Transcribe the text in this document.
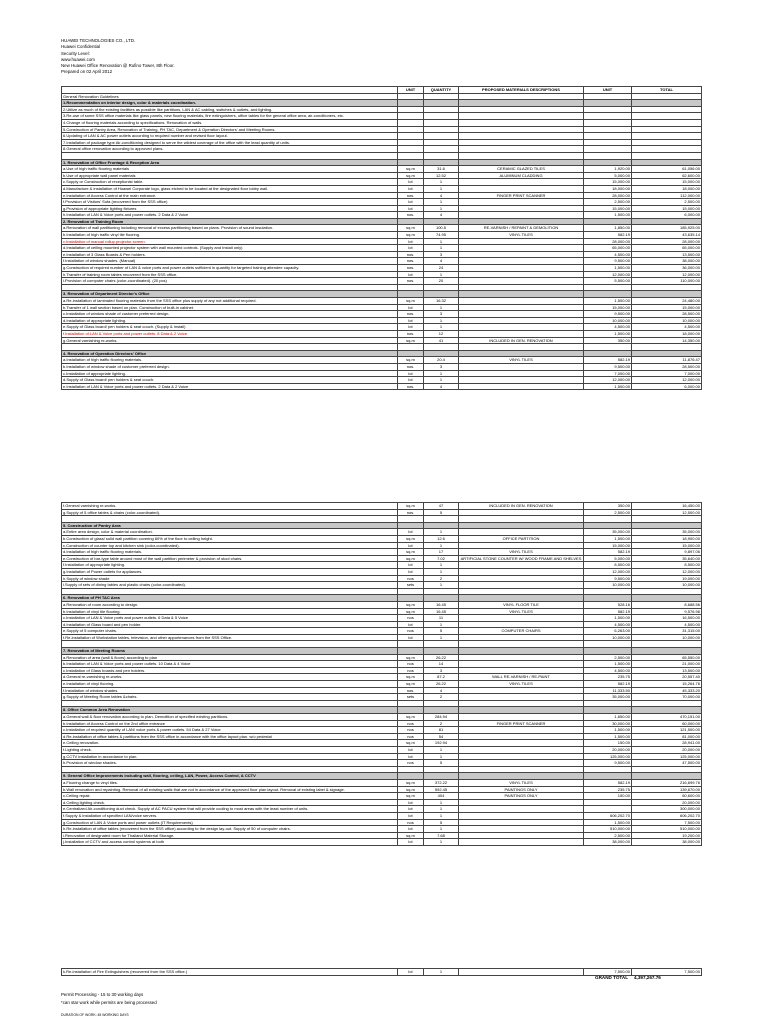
HUAWEI TECHNOLOGIES CO., LTD.
Huawei Confidential
Security Level:
www.huawei.com
New Huawei Office Renovation @ Rufino Tower, 8th Floor.
Prepared on 02 April 2012
	UNIT	QUANTITY	PROPOSED MATERIALS DESCRIPTIONS	UNIT	TOTAL
General Renovation Guidelines					
1.Recommendation on interior design, color & materials coordination.					
2.Utilize as much of the existing facilities as possible like partitions, LAN & AC cabling, switches & outlets, and lighting.					
3.Re-use of some SSS office materials like glass panels, new flooring materials, fire extinguishers, office tables for the general office area, air-conditioners, etc.					
4.Change of flooring materials according to specifications. Renovation of walls.					
5.Construction of Pantry Area, Renovation of Training, PH TAC, Department & Operation Directors' and Meeting Rooms.					
6.Updating of LAN & AC power outlets according to required number and revised floor layout.					
7.Installation of package type Air-conditioning designed to serve the wildest coverage of the office with the least quantity of units.					
8.General office renovation according to approved plans.					

1. Renovation of Office Frontage & Reception Area					
a.Use of high traffic flooring materials	sq.m	31.6	CERAMIC GLAZED TILES	1,920.00	61,056.00
b.Use of appropriate wall panel materials	sq.m	12.52	ALUMINUM CLADDING	5,000.00	62,600.00
c.Supply or Construction of receptionist table.	lot	1		15,000.00	15,000.00
d.Manufacture & installation of Huawei Corporate logo, glass etched to be located at the designated floor lobby wall.	lot	1		18,000.00	18,000.00
e.Installation of Access Control at the main entrance.	nos.	4	FINGER PRINT SCANNER	28,000.00	112,000.00
f.Provision of Visitors' Sofa (recovered from the SSS office)	lot	1		2,500.00	2,500.00
g.Provision of appropriate lighting fixtures	lot	1		15,000.00	15,000.00
h.Installation of LAN & Voice ports and power outlets. 2 Data & 2 Voice	nos.	4		1,500.00	6,000.00
2. Renovation of Training Room					
a.Renovation of wall partitioning including removal of excess partitioning based on plans. Provision of sound insulation.	sq.m	100.5	RE-VARNISH / REPAINT & DEMOLITION	1,850.00	185,925.00
b.Installation of high traffic vinyl tile flooring.	sq.m	74.95	VINYL TILES	582.19	43,635.14
c.Installation of manual rollup projector screen.	lot	1		28,000.00	28,000.00
d.Installation of ceiling mounted projector system with wall mounted controls. (Supply and Install only)	lot	1		65,000.00	65,000.00
e.Installation of 3 Glass Boards & Pen holders.	nos.	3		4,500.00	13,500.00
f.Installation of window shades. (Manual)	nos.	4		9,500.00	38,000.00
g.Construction of required number of LAN & voice ports and power outlets sufficient in quantity for targeted training attendee capacity.	nos.	24		1,500.00	36,000.00
h.Transfer of training room tables recovered from the SSS office.	lot	1		12,000.00	12,000.00
i.Provision of computer chairs (color-coordinated). (20 pcs)	nos.	20		5,500.00	110,000.00

3. Renovation of Department Director's Office					
a.Re-installation of laminated flooring materials from the SSS office plus supply of any not additional required.	sq.m	16.32		1,500.00	24,480.00
b.Transfer of 1 wall section based on plan. Construction of built-in cabinet.	lot	1		15,000.00	15,000.00
c.Installation of window shade of customer preferred design.	nos.	3		9,500.00	28,500.00
d.Installation of appropriate lighting.	lot	1		10,000.00	10,000.00
e.Supply of Glass board/ pen holders & seat couch. (Supply & Install)	lot	1		4,500.00	4,500.00
f.Installation of LAN & Voice ports and power outlets. 8 Data & 2 Voice	nos.	12		1,500.00	18,000.00
g.General varnishing re-works.	sq.m	41	INCLUDED IN GEN. RENOVATION	350.00	14,350.00

4. Renovation of Operation Directors' Office					
a.Installation of high traffic flooring materials.	sq.m	20.4	VINYL TILES	582.19	11,876.47
b.Installation of window shade of customer preferred design.	nos.	3		9,500.00	28,500.00
c.Installation of appropriate lighting.	lot	1		7,000.00	7,000.00
d.Supply of Glass board/ pen holders & seat couch.	lot	1		12,000.00	12,000.00
e.Installation of LAN & Voice ports and power outlets. 2 Data & 2 Voice	nos.	4		1,500.00	6,000.00
f.General varnishing re-works.	sq.m	47	INCLUDED IN GEN. RENOVATION	350.00	16,450.00
g.Supply of 5 office tables & chairs (color-coordinated).	nos.	5		2,500.00	12,500.00

5. Construction of Pantry Area					
a.Entire area design, color & material coordination.	lot	1		35,000.00	35,000.00
b.Construction of glass/ solid wall partition covering 60% of the floor to ceiling height.	sq.m	12.6	OFFICE PARTITION	1,500.00	18,900.00
c.Construction of counter top and kitchen sink (color-coordinated).	lot	1		15,000.00	15,000.00
d.Installation of high traffic flooring materials.	sq.m	17	VINYL TILES	582.19	9,897.06
e.Construction of bar-type table around most of the wall partition perimeter & provision of stool chairs.	sq.m	7.02	ARTIFICIAL STONE COUNTER W/ WOOD FRAME AND SHELVES	5,000.00	35,640.00
f.Installation of appropriate lighting.	lot	1		8,500.00	8,500.00
g.Installation of Power outlets for appliances.	lot	1		12,000.00	12,000.00
h.Supply of window shade	nos	2		9,500.00	19,000.00
i.Supply of sets of dining tables and plastic chairs (color-coordinated).	sets	1		10,000.00	10,000.00

6. Renovation of PH TAC Area					
a.Renovation of room according to design.	sq.m	16.45	VINYL FLOOR TILE	528.16	8,688.56
b.Installation of vinyl tile flooring.	sq.m	16.45	VINYL TILES	582.19	9,576.96
c.Installation of LAN & Voice ports and power outlets. 6 Data & 5 Voice	nos	11		1,500.00	16,500.00
d.Installation of Glass board and pen holder.	lot	1		4,500.00	4,500.00
e.Supply of 5 computer chairs.	nos	5	COMPUTER CHAIRS	6,263.00	31,315.00
f.Re-installation of Workstation tables, television, and other appurtenances from the SSS Office.	lot	1		10,000.00	10,000.00

7. Renovation of Meeting Rooms					
a.Renovation of area (wall & floors) according to plan	sq.m	26.22		2,500.00	65,550.00
b.Installation of LAN & Voice ports and power outlets. 10 Data & 4 Voice	nos	14		1,500.00	21,000.00
c.Installation of Glass boards and pen holders.	nos	3		4,500.00	13,500.00
d.General re-varnishing re-works.	sq.m	87.2	WALL RE-VARNISH / RE-PAINT	235.75	20,557.40
e.Installation of vinyl flooring.	sq.m	26.22	VINYL TILES	582.19	15,264.76
f.Installation of window shades.	nos.	4		11,333.50	45,333.20
g.Supply of Meeting Room tables &chairs.	sets	2		35,000.00	70,000.00

8. Office Common Area Renovation					
a.General wall & floor renovation according to plan. Demolition of specified existing partitions.	sq.m	284.94		1,650.00	470,151.00
b.Installation of Access Control on the 2nd office entrance	nos	2	FINGER PRINT SCANNER	30,000.00	60,000.00
c.Installation of required quantity of LAN/ voice ports & power outlets. 54 Data & 27 Voice	nos	81		1,500.00	121,500.00
d.Re-installation of office tables & partitions from the SSS office in accordance with the office layout plan. w/o pedestal	nos	54		1,500.00	81,000.00
e.Ceiling renovation.	sq.m	192.94		150.00	28,941.00
f.Lighting check.	lot	1		20,000.00	20,000.00
g.CCTV installation in accordance to plan.	lot	1		125,000.00	125,000.00
h.Provision of window shades.	nos	5		9,500.00	47,500.00

9. General Office Improvements including wall, flooring, ceiling, LAN, Power, Access Control, & CCTV					
a.Flooring change to vinyl tiles.	sq.m	372.22	VINYL TILES	582.19	216,699.76
b.Wall renovation and repainting. Removal of all existing walls that are not in accordance of the approved floor plan layout. Removal of existing label & signage.	sq.m	592.45	PAINTINGS ONLY	235.75	139,670.00
c.Ceiling repair.	sq.m	404	PAINTINGS ONLY	150.00	60,600.00
d.Ceiling lighting check.	lot	1			20,000.00
e.Centralized Air-conditioning duct check. Supply of AC PACU system that will provide cooling to most areas with the least number of units.	lot	1			300,000.00
f.Supply & installation of specified LAN/voice servers.	lot	1		606,202.70	606,202.70
g.Construction of LAN & Voice ports and power outlets (IT Requirements)	nos	5		1,500.00	7,500.00
h.Re-installation of office tables (recovered from the SSS office) according to the design lay-out. Supply of 50 of computer chairs.	lot	1		510,000.00	510,000.00
i.Renovation of designated room for Thailand Material Storage.	sq.m	7.68		2,500.00	19,200.00
j.Installation of CCTV and access control systems at both	lot	1		38,000.00	38,000.00
k.Re-installation of Fire Extinguishers (recovered from the SSS office.)	lot	1		7,500.00	7,500.00
GRAND TOTAL 4,397,267.76
Permit Processing - 15 to 30 working days
*can star work while permits are being processed
DURATION OF WORK: 45 WORKING DAYS
